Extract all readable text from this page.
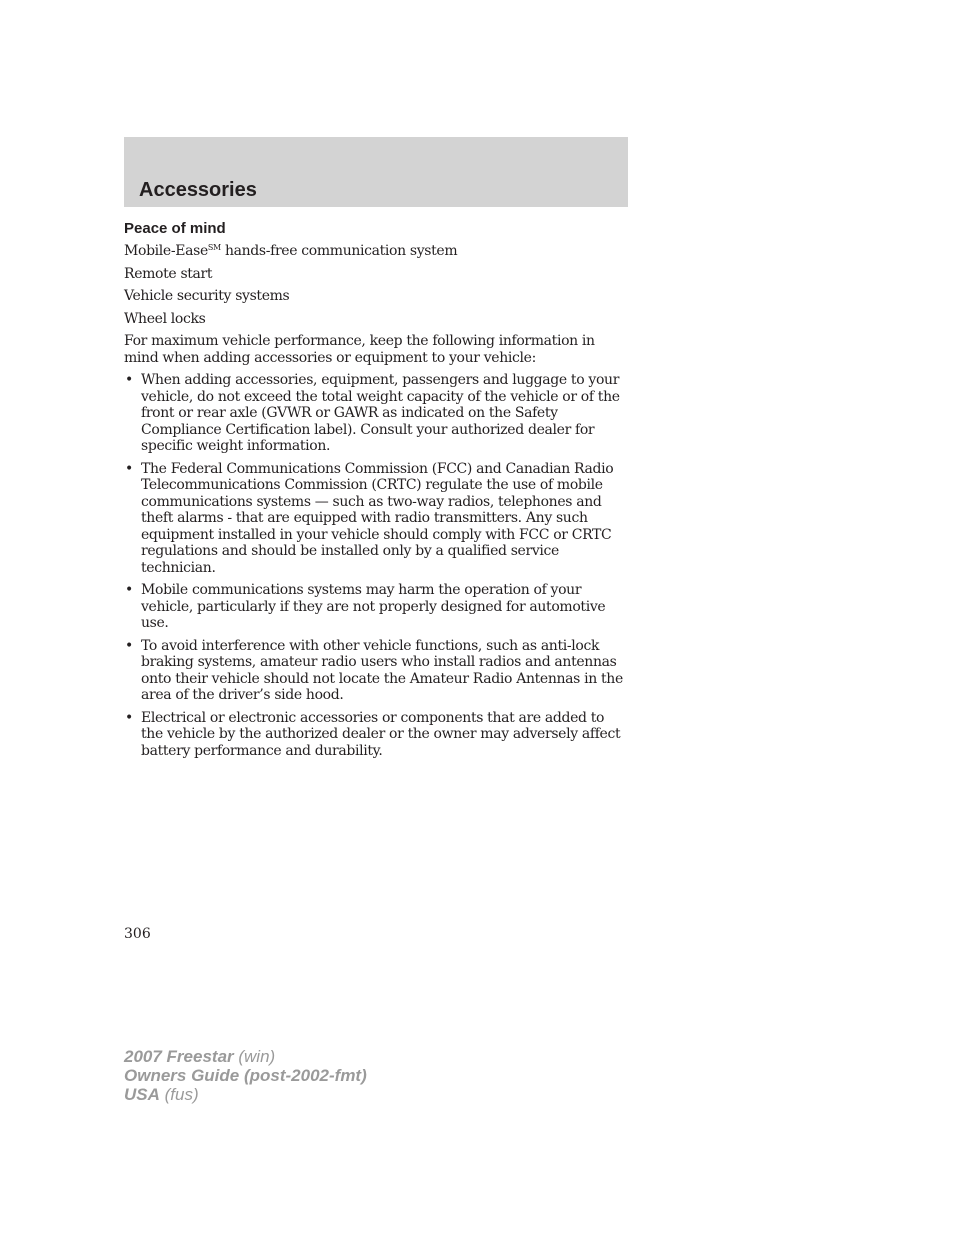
Accessories
Peace of mind

Mobile-Ease℠ hands-free communication system

Remote start

Vehicle security systems

Wheel locks

For maximum vehicle performance, keep the following information in mind when adding accessories or equipment to your vehicle:

• When adding accessories, equipment, passengers and luggage to your vehicle, do not exceed the total weight capacity of the vehicle or of the front or rear axle (GVWR or GAWR as indicated on the Safety Compliance Certification label). Consult your authorized dealer for specific weight information.
• The Federal Communications Commission (FCC) and Canadian Radio Telecommunications Commission (CRTC) regulate the use of mobile communications systems — such as two-way radios, telephones and theft alarms - that are equipped with radio transmitters. Any such equipment installed in your vehicle should comply with FCC or CRTC regulations and should be installed only by a qualified service technician.
• Mobile communications systems may harm the operation of your vehicle, particularly if they are not properly designed for automotive use.
• To avoid interference with other vehicle functions, such as anti-lock braking systems, amateur radio users who install radios and antennas onto their vehicle should not locate the Amateur Radio Antennas in the area of the driver’s side hood.
• Electrical or electronic accessories or components that are added to the vehicle by the authorized dealer or the owner may adversely affect battery performance and durability.
306
2007 Freestar (win)
Owners Guide (post-2002-fmt)
USA (fus)
